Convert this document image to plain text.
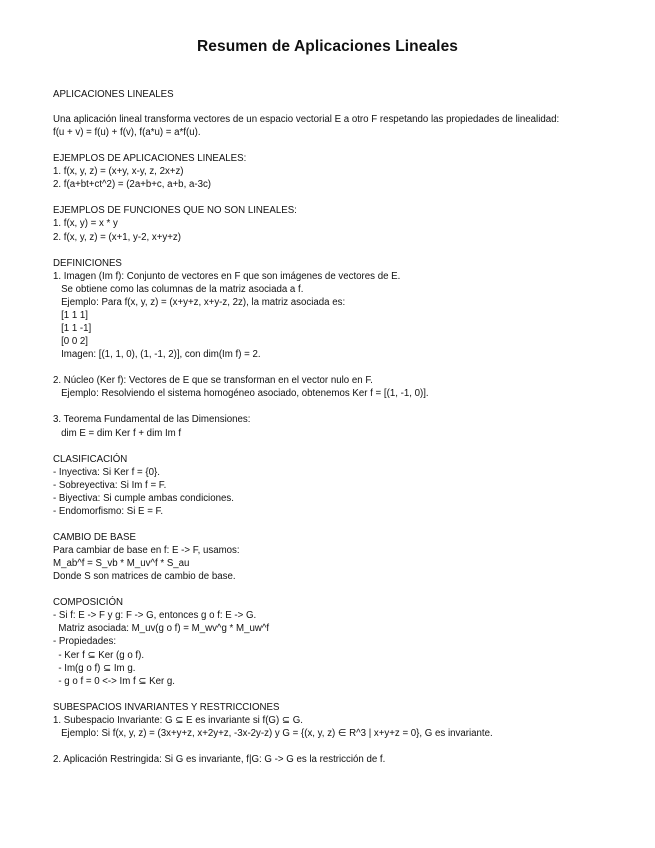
Resumen de Aplicaciones Lineales
APLICACIONES LINEALES
Una aplicación lineal transforma vectores de un espacio vectorial E a otro F respetando las propiedades de linealidad:
f(u + v) = f(u) + f(v), f(a*u) = a*f(u).
EJEMPLOS DE APLICACIONES LINEALES:
1. f(x, y, z) = (x+y, x-y, z, 2x+z)
2. f(a+bt+ct^2) = (2a+b+c, a+b, a-3c)
EJEMPLOS DE FUNCIONES QUE NO SON LINEALES:
1. f(x, y) = x * y
2. f(x, y, z) = (x+1, y-2, x+y+z)
DEFINICIONES
1. Imagen (Im f): Conjunto de vectores en F que son imágenes de vectores de E.
Se obtiene como las columnas de la matriz asociada a f.
Ejemplo: Para f(x, y, z) = (x+y+z, x+y-z, 2z), la matriz asociada es:
[1 1 1]
[1 1 -1]
[0 0 2]
Imagen: [(1, 1, 0), (1, -1, 2)], con dim(Im f) = 2.
2. Núcleo (Ker f): Vectores de E que se transforman en el vector nulo en F.
Ejemplo: Resolviendo el sistema homogéneo asociado, obtenemos Ker f = [(1, -1, 0)].
3. Teorema Fundamental de las Dimensiones:
dim E = dim Ker f + dim Im f
CLASIFICACIÓN
- Inyectiva: Si Ker f = {0}.
- Sobreyectiva: Si Im f = F.
- Biyectiva: Si cumple ambas condiciones.
- Endomorfismo: Si E = F.
CAMBIO DE BASE
Para cambiar de base en f: E -> F, usamos:
M_ab^f = S_vb * M_uv^f * S_au
Donde S son matrices de cambio de base.
COMPOSICIÓN
- Si f: E -> F y g: F -> G, entonces g o f: E -> G.
Matriz asociada: M_uv(g o f) = M_wv^g * M_uw^f
- Propiedades:
- Ker f ⊆ Ker (g o f).
- Im(g o f) ⊆ Im g.
- g o f = 0 <-> Im f ⊆ Ker g.
SUBESPACIOS INVARIANTES Y RESTRICCIONES
1. Subespacio Invariante: G ⊆ E es invariante si f(G) ⊆ G.
Ejemplo: Si f(x, y, z) = (3x+y+z, x+2y+z, -3x-2y-z) y G = {(x, y, z) ∈ R^3 | x+y+z = 0}, G es invariante.
2. Aplicación Restringida: Si G es invariante, f|G: G -> G es la restricción de f.
